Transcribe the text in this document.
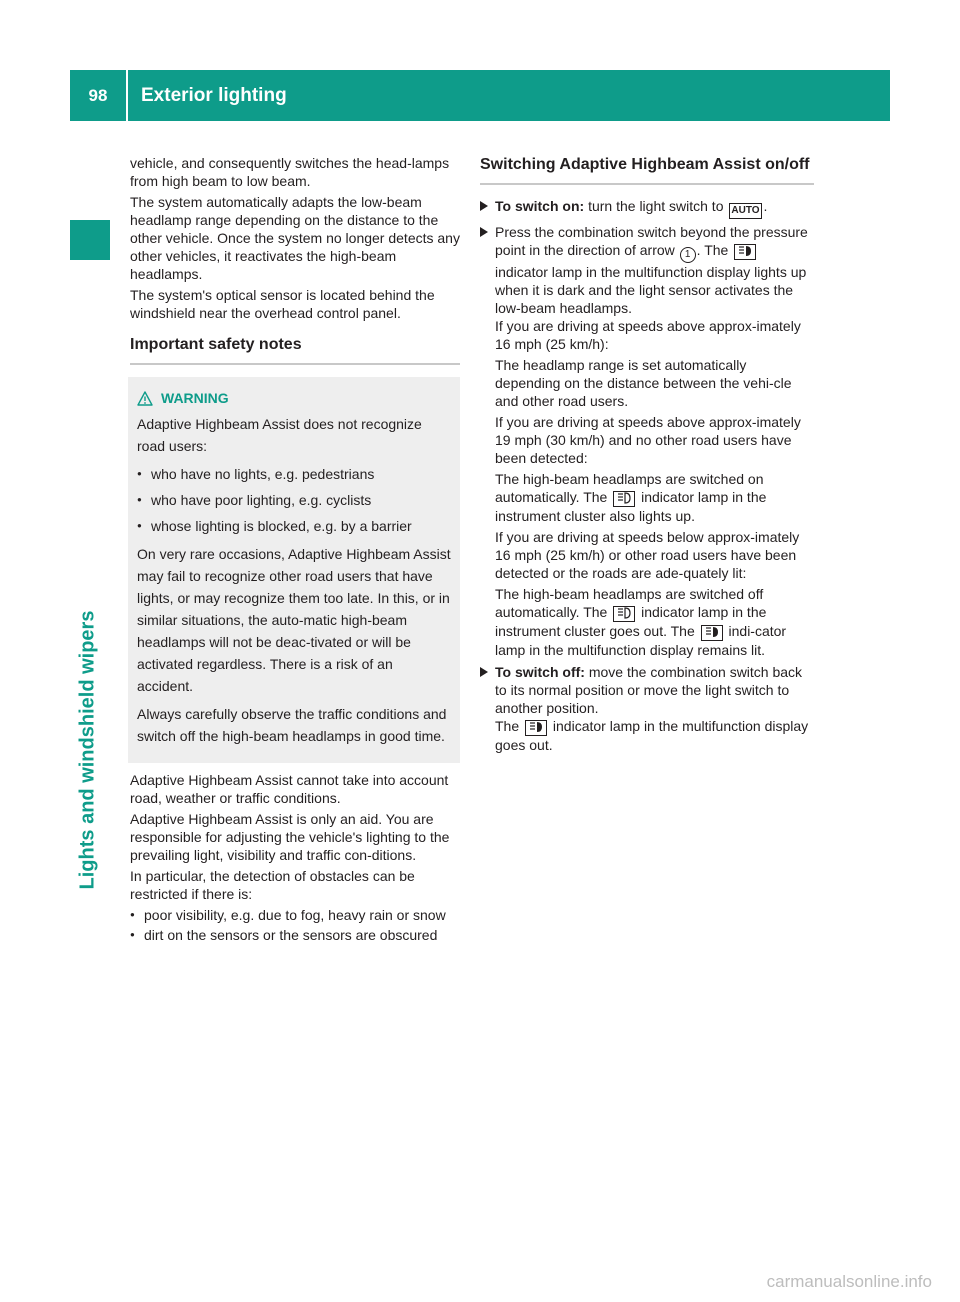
98	Exterior lighting
Lights and windshield wipers

vehicle, and consequently switches the head-lamps from high beam to low beam.

The system automatically adapts the low-beam headlamp range depending on the distance to the other vehicle. Once the system no longer detects any other vehicles, it reactivates the high-beam headlamps.

The system's optical sensor is located behind the windshield near the overhead control panel.

Important safety notes
WARNING

Adaptive Highbeam Assist does not recognize road users:

● who have no lights, e.g. pedestrians
● who have poor lighting, e.g. cyclists
● whose lighting is blocked, e.g. by a barrier

On very rare occasions, Adaptive Highbeam Assist may fail to recognize other road users that have lights, or may recognize them too late. In this, or in similar situations, the auto-matic high-beam headlamps will not be deac-tivated or will be activated regardless. There is a risk of an accident.

Always carefully observe the traffic conditions and switch off the high-beam headlamps in good time.

Adaptive Highbeam Assist cannot take into account road, weather or traffic conditions.

Adaptive Highbeam Assist is only an aid. You are responsible for adjusting the vehicle's lighting to the prevailing light, visibility and traffic con-ditions.

In particular, the detection of obstacles can be restricted if there is:

● poor visibility, e.g. due to fog, heavy rain or snow
● dirt on the sensors or the sensors are obscured
Switching Adaptive Highbeam Assist on/off
To switch on: turn the light switch to AUTO .
Press the combination switch beyond the pressure point in the direction of arrow 1 . The  indicator lamp in the multifunction display lights up when it is dark and the light sensor activates the low-beam headlamps.

If you are driving at speeds above approx-imately 16 mph (25 km/h):

The headlamp range is set automatically depending on the distance between the vehi-cle and other road users.

If you are driving at speeds above approx-imately 19 mph (30 km/h) and no other road users have been detected:

The high-beam headlamps are switched on automatically. The indicator lamp in the instrument cluster also lights up.

If you are driving at speeds below approx-imately 16 mph (25 km/h) or other road users have been detected or the roads are ade-quately lit:

The high-beam headlamps are switched off automatically. The indicator lamp in the instrument cluster goes out. The indi-cator lamp in the multifunction display remains lit.

To switch off: move the combination switch back to its normal position or move the light switch to another position.
The indicator lamp in the multifunction display goes out.
carmanualsonline.info
